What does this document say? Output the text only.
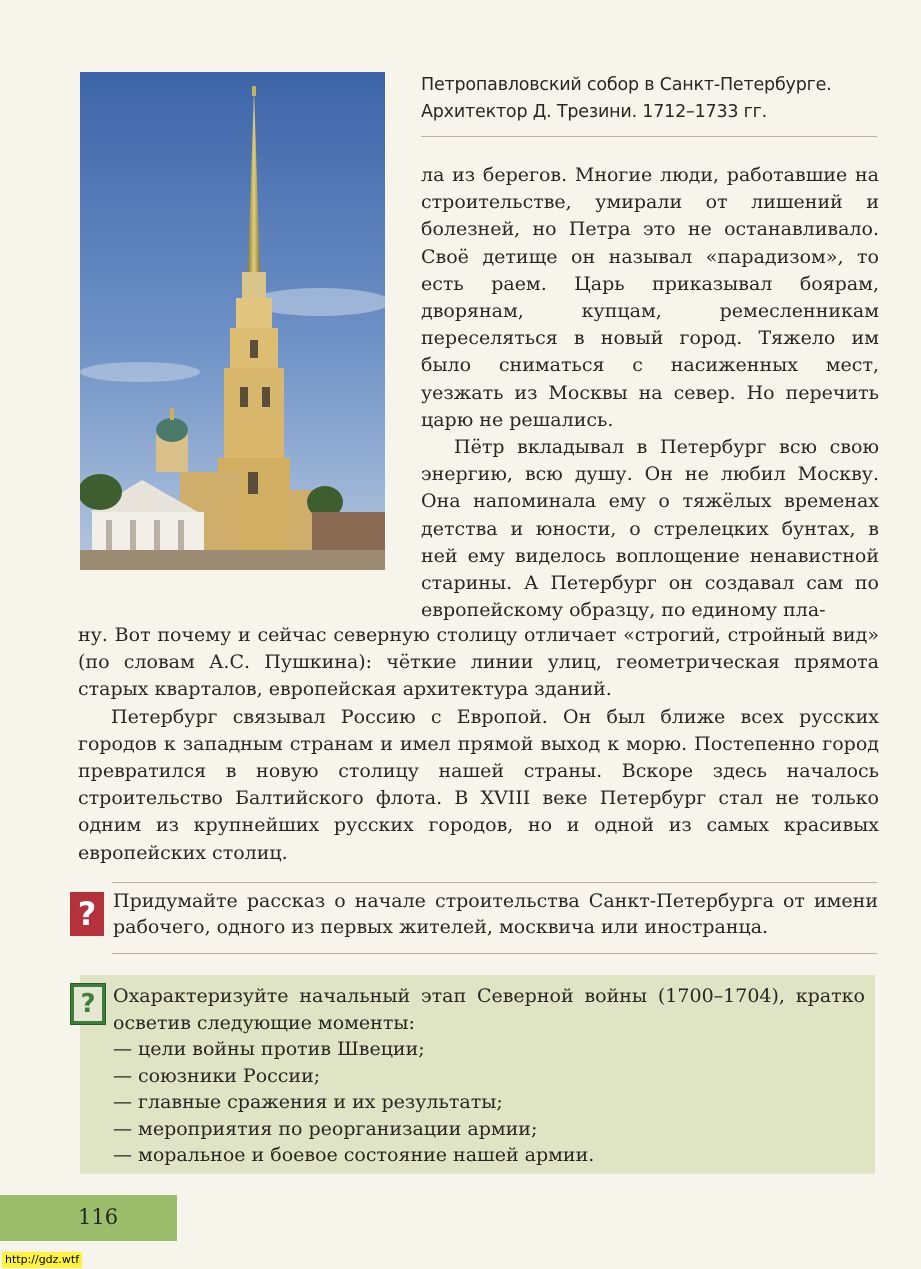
Петропавловский собор в Санкт-Петербурге.
Архитектор Д. Трезини. 1712–1733 гг.

ла из берегов. Многие люди, работавшие на строительстве, умирали от лишений и болезней, но Петра это не останавливало. Своё детище он называл «парадизом», то есть раем. Царь приказывал боярам, дворянам, купцам, ремесленникам переселяться в новый город. Тяжело им было сниматься с насиженных мест, уезжать из Москвы на север. Но перечить царю не решались.

Пётр вкладывал в Петербург всю свою энергию, всю душу. Он не любил Москву. Она напоминала ему о тяжёлых временах детства и юности, о стрелецких бунтах, в ней ему виделось воплощение ненавистной старины. А Петербург он создавал сам по европейскому образцу, по единому пла-

ну. Вот почему и сейчас северную столицу отличает «строгий, стройный вид» (по словам А.С. Пушкина): чёткие линии улиц, геометрическая прямота старых кварталов, европейская архитектура зданий.

Петербург связывал Россию с Европой. Он был ближе всех русских городов к западным странам и имел прямой выход к морю. Постепенно город превратился в новую столицу нашей страны. Вскоре здесь началось строительство Балтийского флота. В XVIII веке Петербург стал не только одним из крупнейших русских городов, но и одной из самых красивых европейских столиц.

? Придумайте рассказ о начале строительства Санкт-Петербурга от имени рабочего, одного из первых жителей, москвича или иностранца.
? Охарактеризуйте начальный этап Северной войны (1700–1704), кратко осветив следующие моменты:
— цели войны против Швеции;
— союзники России;
— главные сражения и их результаты;
— мероприятия по реорганизации армии;
— моральное и боевое состояние нашей армии.
116
http://gdz.wtf
